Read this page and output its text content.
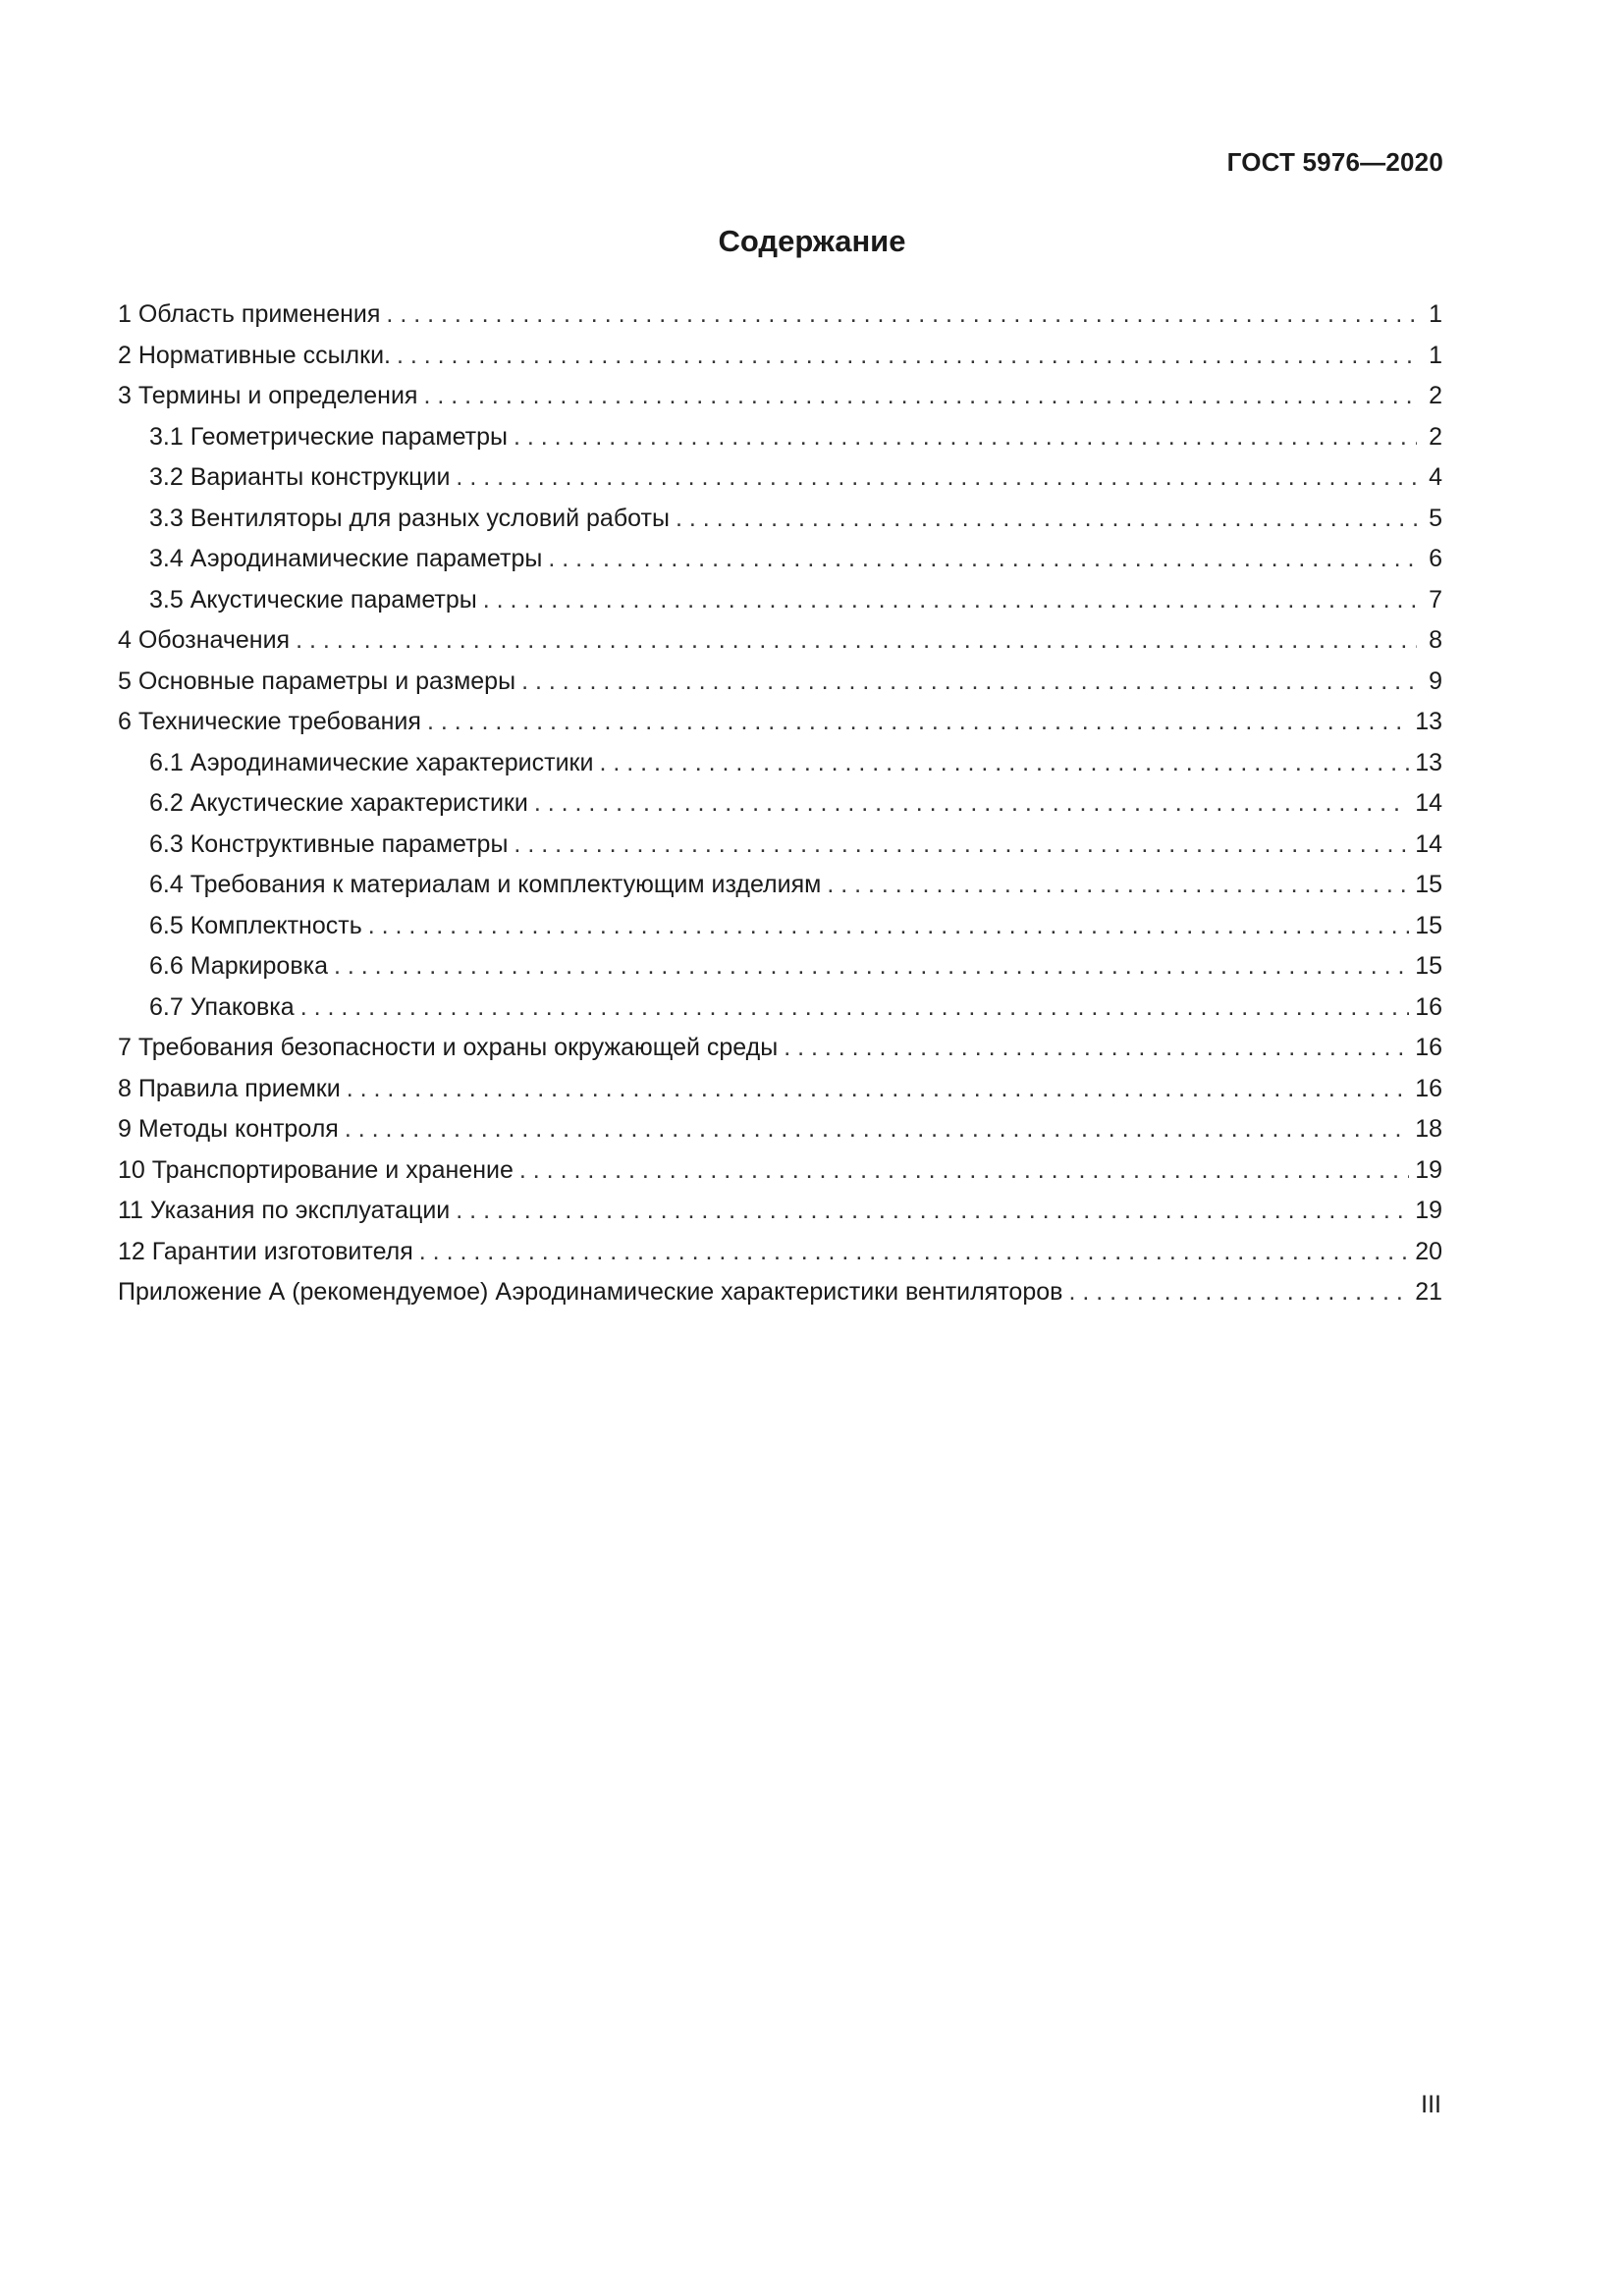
ГОСТ 5976—2020
Содержание
1 Область применения . . .	1
2 Нормативные ссылки. . . .	1
3 Термины и определения . . .	2
3.1 Геометрические параметры . . .	2
3.2 Варианты конструкции . . .	4
3.3 Вентиляторы для разных условий работы . . .	5
3.4 Аэродинамические параметры . . .	6
3.5 Акустические параметры . . .	7
4 Обозначения . . .	8
5 Основные параметры и размеры . . .	9
6 Технические требования . . .	13
6.1 Аэродинамические характеристики . . .	13
6.2 Акустические характеристики . . .	14
6.3 Конструктивные параметры . . .	14
6.4 Требования к материалам и комплектующим изделиям . . .	15
6.5 Комплектность . . .	15
6.6 Маркировка . . .	15
6.7 Упаковка . . .	16
7 Требования безопасности и охраны окружающей среды . . .	16
8 Правила приемки . . .	16
9 Методы контроля . . .	18
10 Транспортирование и хранение . . .	19
11 Указания по эксплуатации . . .	19
12 Гарантии изготовителя . . .	20
Приложение А (рекомендуемое) Аэродинамические характеристики вентиляторов . . .	21
III
